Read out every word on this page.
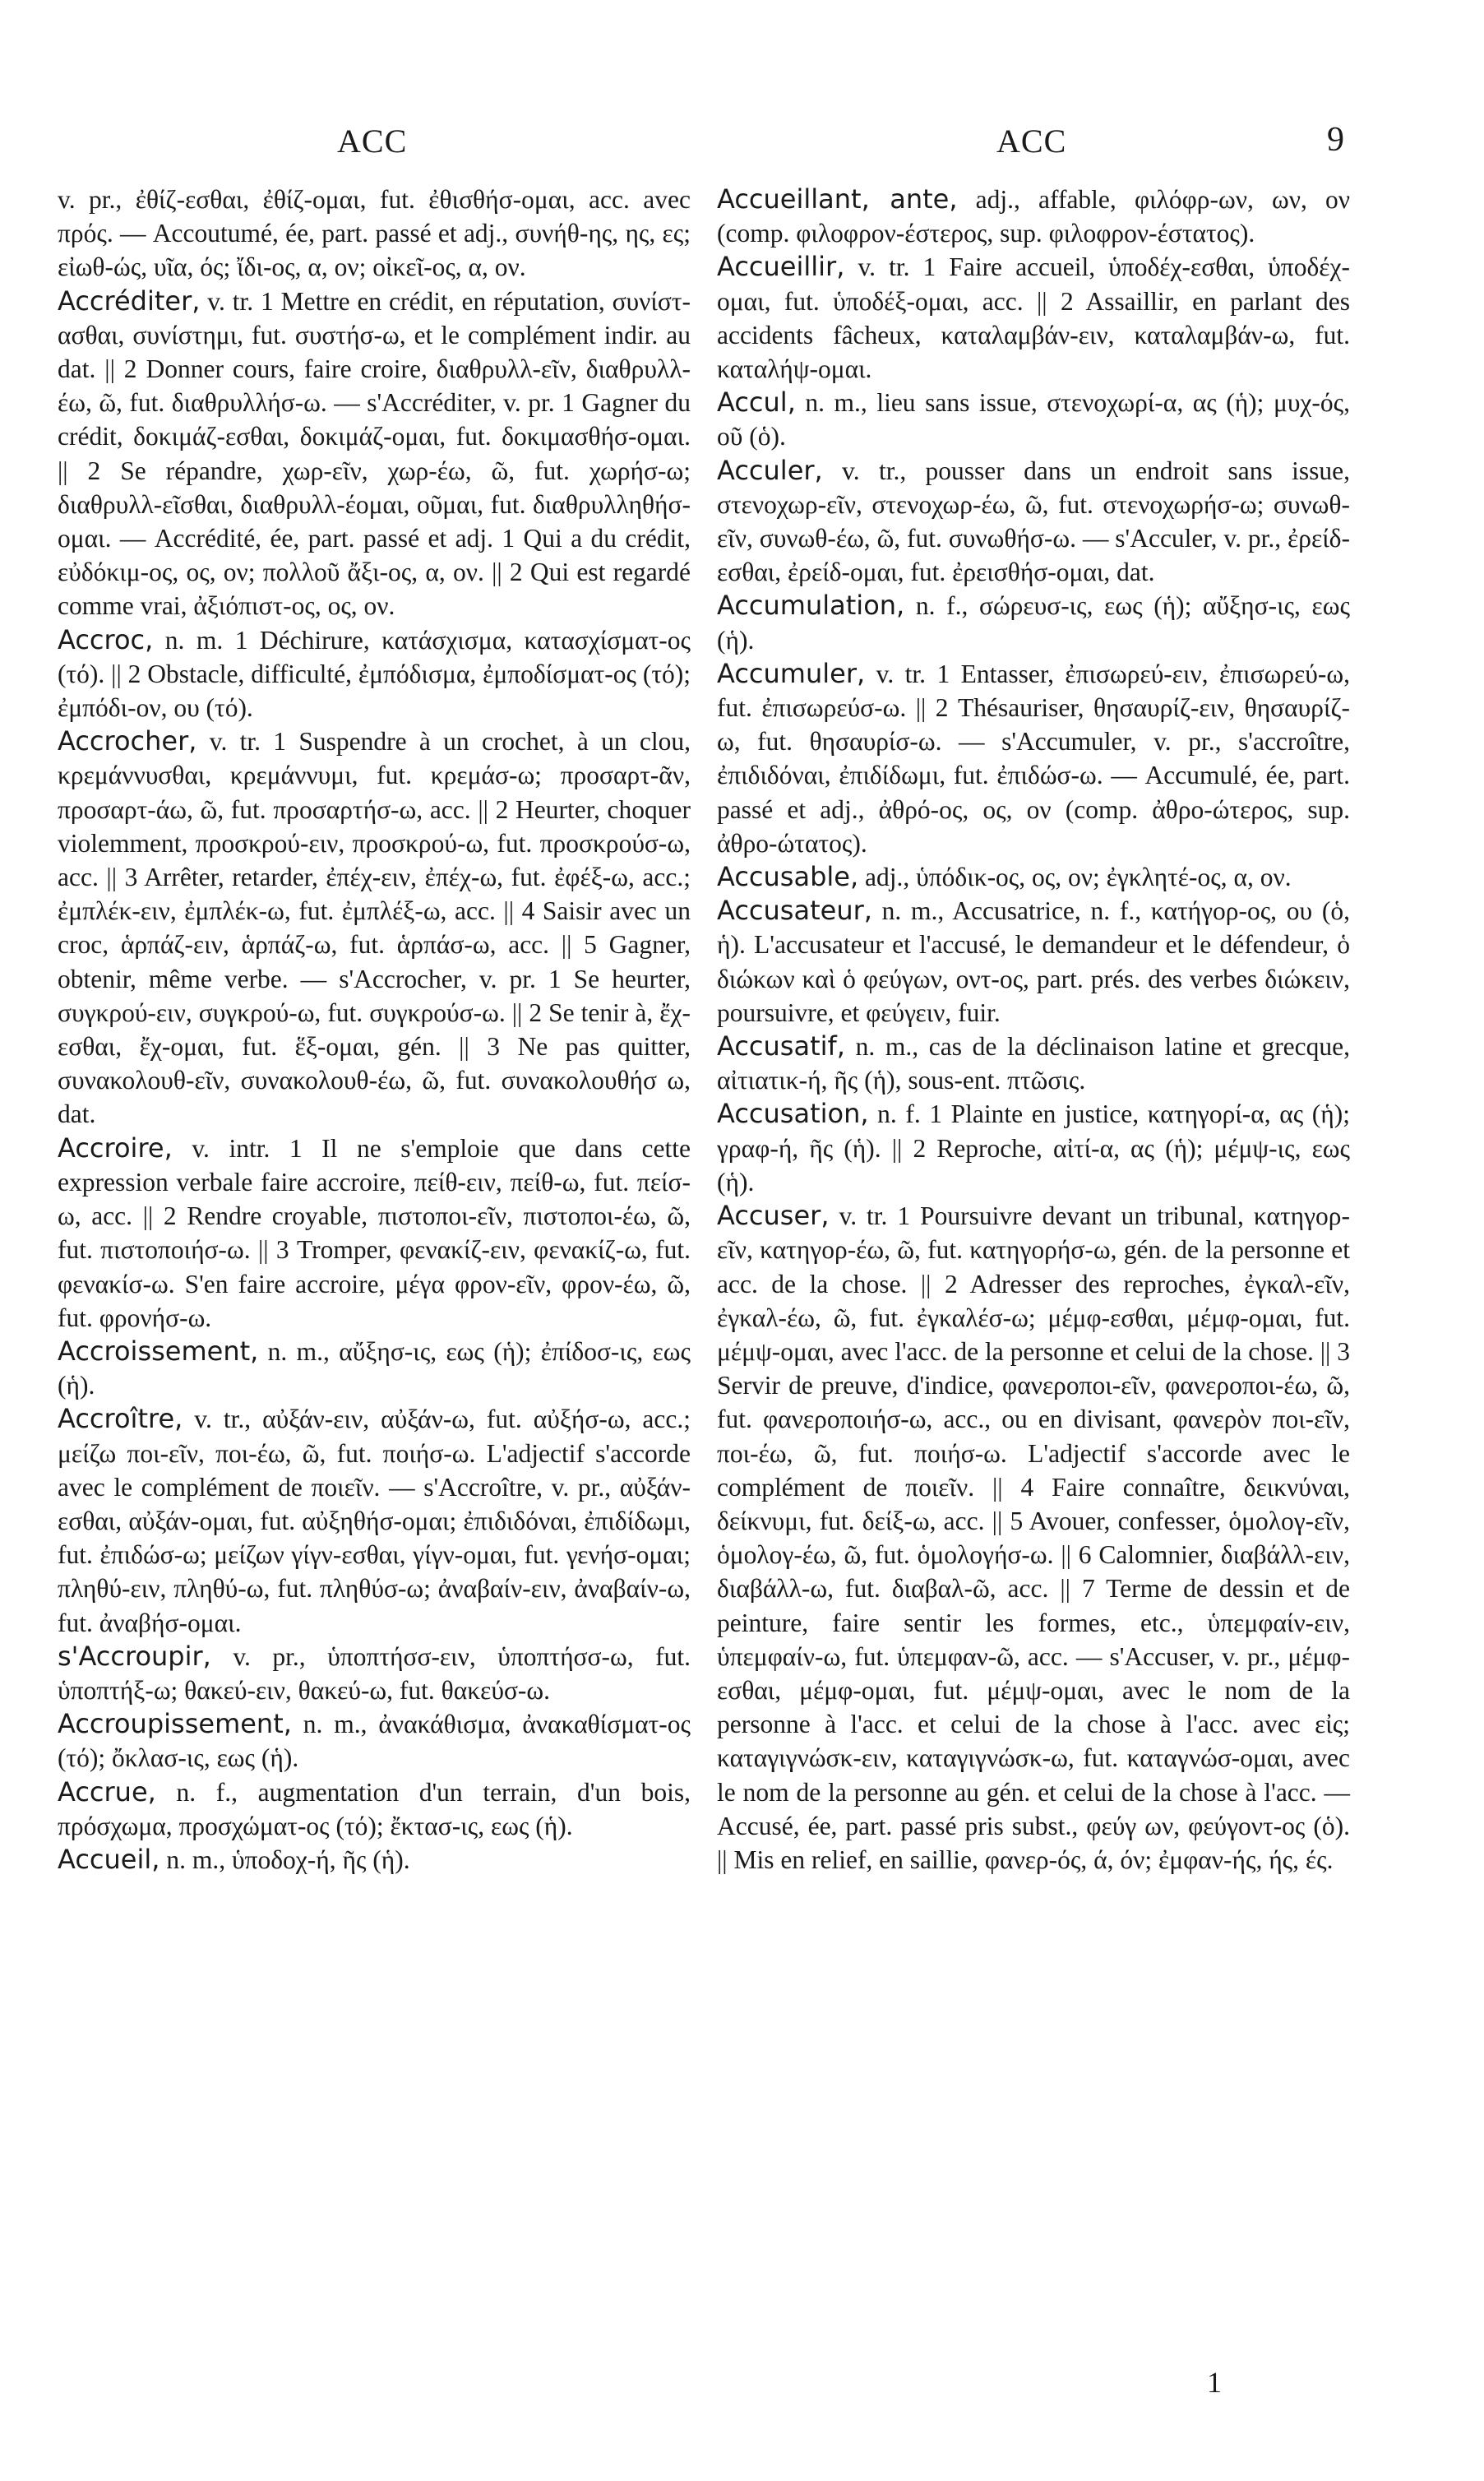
ACC	ACC	9

v. pr., ἐθίζ-εσθαι, ἐθίζ-ομαι, fut. ἐθισθήσ-ομαι, acc. avec πρός. — Accoutumé, ée, part. passé et adj., συνήθ-ης, ης, ες; εἰωθ-ώς, υῖα, ός; ἴδι-ος, α, ον; οἰκεῖ-ος, α, ον.

Accréditer, v. tr. 1 Mettre en crédit, en réputation, συνίστ-ασθαι, συνίστημι, fut. συστήσ-ω, et le complément indir. au dat. || 2 Donner cours, faire croire, διαθρυλλ-εῖν, διαθρυλλ-έω, ῶ, fut. διαθρυλλήσ-ω. — s'Accréditer, v. pr. 1 Gagner du crédit, δοκιμάζ-εσθαι, δοκιμάζ-ομαι, fut. δοκιμασθήσ-ομαι. || 2 Se répandre, χωρ-εῖν, χωρ-έω, ῶ, fut. χωρήσ-ω; διαθρυλλ-εῖσθαι, διαθρυλλ-έομαι, οῦμαι, fut. διαθρυλληθήσ-ομαι. — Accrédité, ée, part. passé et adj. 1 Qui a du crédit, εὐδόκιμ-ος, ος, ον; πολλοῦ ἄξι-ος, α, ον. || 2 Qui est regardé comme vrai, ἀξιόπιστ-ος, ος, ον.

Accroc, n. m. 1 Déchirure, κατάσχισμα, κατασχίσματ-ος (τό). || 2 Obstacle, difficulté, ἐμπόδισμα, ἐμποδίσματ-ος (τό); ἐμπόδι-ον, ου (τό).

Accrocher, v. tr. 1 Suspendre à un crochet, à un clou, κρεμάννυσθαι, κρεμάννυμι, fut. κρεμάσ-ω; προσαρτ-ᾶν, προσαρτ-άω, ῶ, fut. προσαρτήσ-ω, acc. || 2 Heurter, choquer violemment, προσκρού-ειν, προσκρού-ω, fut. προσκρούσ-ω, acc. || 3 Arrêter, retarder, ἐπέχ-ειν, ἐπέχ-ω, fut. ἐφέξ-ω, acc.; ἐμπλέκ-ειν, ἐμπλέκ-ω, fut. ἐμπλέξ-ω, acc. || 4 Saisir avec un croc, ἁρπάζ-ειν, ἁρπάζ-ω, fut. ἁρπάσ-ω, acc. || 5 Gagner, obtenir, même verbe. — s'Accrocher, v. pr. 1 Se heurter, συγκρού-ειν, συγκρού-ω, fut. συγκρούσ-ω. || 2 Se tenir à, ἔχ-εσθαι, ἔχ-ομαι, fut. ἕξ-ομαι, gén. || 3 Ne pas quitter, συνακολουθ-εῖν, συνακολουθ-έω, ῶ, fut. συνακολουθήσ ω, dat.

Accroire, v. intr. 1 Il ne s'emploie que dans cette expression verbale faire accroire, πείθ-ειν, πείθ-ω, fut. πείσ-ω, acc. || 2 Rendre croyable, πιστοποι-εῖν, πιστοποι-έω, ῶ, fut. πιστοποιήσ-ω. || 3 Tromper, φενακίζ-ειν, φενακίζ-ω, fut. φενακίσ-ω. S'en faire accroire, μέγα φρον-εῖν, φρον-έω, ῶ, fut. φρονήσ-ω.

Accroissement, n. m., αὔξησ-ις, εως (ἡ); ἐπίδοσ-ις, εως (ἡ).

Accroître, v. tr., αὐξάν-ειν, αὐξάν-ω, fut. αὐξήσ-ω, acc.; μείζω ποι-εῖν, ποι-έω, ῶ, fut. ποιήσ-ω. L'adjectif s'accorde avec le complément de ποιεῖν. — s'Accroître, v. pr., αὐξάν-εσθαι, αὐξάν-ομαι, fut. αὐξηθήσ-ομαι; ἐπιδιδόναι, ἐπιδίδωμι, fut. ἐπιδώσ-ω; μείζων γίγν-εσθαι, γίγν-ομαι, fut. γενήσ-ομαι; πληθύ-ειν, πληθύ-ω, fut. πληθύσ-ω; ἀναβαίν-ειν, ἀναβαίν-ω, fut. ἀναβήσ-ομαι.

s'Accroupir, v. pr., ὑποπτήσσ-ειν, ὑποπτήσσ-ω, fut. ὑποπτήξ-ω; θακεύ-ειν, θακεύ-ω, fut. θακεύσ-ω.

Accroupissement, n. m., ἀνακάθισμα, ἀνακαθίσματ-ος (τό); ὄκλασ-ις, εως (ἡ).

Accrue, n. f., augmentation d'un terrain, d'un bois, πρόσχωμα, προσχώματ-ος (τό); ἔκτασ-ις, εως (ἡ).

Accueil, n. m., ὑποδοχ-ή, ῆς (ἡ).

Accueillant, ante, adj., affable, φιλόφρ-ων, ων, ον (comp. φιλοφρον-έστερος, sup. φιλοφρον-έστατος).

Accueillir, v. tr. 1 Faire accueil, ὑποδέχ-εσθαι, ὑποδέχ-ομαι, fut. ὑποδέξ-ομαι, acc. || 2 Assaillir, en parlant des accidents fâcheux, καταλαμβάν-ειν, καταλαμβάν-ω, fut. καταλήψ-ομαι.

Accul, n. m., lieu sans issue, στενοχωρί-α, ας (ἡ); μυχ-ός, οῦ (ὁ).

Acculer, v. tr., pousser dans un endroit sans issue, στενοχωρ-εῖν, στενοχωρ-έω, ῶ, fut. στενοχωρήσ-ω; συνωθ-εῖν, συνωθ-έω, ῶ, fut. συνωθήσ-ω. — s'Acculer, v. pr., ἐρείδ-εσθαι, ἐρείδ-ομαι, fut. ἐρεισθήσ-ομαι, dat.

Accumulation, n. f., σώρευσ-ις, εως (ἡ); αὔξησ-ις, εως (ἡ).

Accumuler, v. tr. 1 Entasser, ἐπισωρεύ-ειν, ἐπισωρεύ-ω, fut. ἐπισωρεύσ-ω. || 2 Thésauriser, θησαυρίζ-ειν, θησαυρίζ-ω, fut. θησαυρίσ-ω. — s'Accumuler, v. pr., s'accroître, ἐπιδιδόναι, ἐπιδίδωμι, fut. ἐπιδώσ-ω. — Accumulé, ée, part. passé et adj., ἀθρό-ος, ος, ον (comp. ἀθρο-ώτερος, sup. ἀθρο-ώτατος).

Accusable, adj., ὑπόδικ-ος, ος, ον; ἐγκλητέ-ος, α, ον.

Accusateur, n. m., Accusatrice, n. f., κατήγορ-ος, ου (ὁ, ἡ). L'accusateur et l'accusé, le demandeur et le défendeur, ὁ διώκων καὶ ὁ φεύγων, οντ-ος, part. prés. des verbes διώκειν, poursuivre, et φεύγειν, fuir.

Accusatif, n. m., cas de la déclinaison latine et grecque, αἰτιατικ-ή, ῆς (ἡ), sous-ent. πτῶσις.

Accusation, n. f. 1 Plainte en justice, κατηγορί-α, ας (ἡ); γραφ-ή, ῆς (ἡ). || 2 Reproche, αἰτί-α, ας (ἡ); μέμψ-ις, εως (ἡ).

Accuser, v. tr. 1 Poursuivre devant un tribunal, κατηγορ-εῖν, κατηγορ-έω, ῶ, fut. κατηγορήσ-ω, gén. de la personne et acc. de la chose. || 2 Adresser des reproches, ἐγκαλ-εῖν, ἐγκαλ-έω, ῶ, fut. ἐγκαλέσ-ω; μέμφ-εσθαι, μέμφ-ομαι, fut. μέμψ-ομαι, avec l'acc. de la personne et celui de la chose. || 3 Servir de preuve, d'indice, φανεροποι-εῖν, φανεροποι-έω, ῶ, fut. φανεροποιήσ-ω, acc., ou en divisant, φανερὸν ποι-εῖν, ποι-έω, ῶ, fut. ποιήσ-ω. L'adjectif s'accorde avec le complément de ποιεῖν. || 4 Faire connaître, δεικνύναι, δείκνυμι, fut. δείξ-ω, acc. || 5 Avouer, confesser, ὁμολογ-εῖν, ὁμολογ-έω, ῶ, fut. ὁμολογήσ-ω. || 6 Calomnier, διαβάλλ-ειν, διαβάλλ-ω, fut. διαβαλ-ῶ, acc. || 7 Terme de dessin et de peinture, faire sentir les formes, etc., ὑπεμφαίν-ειν, ὑπεμφαίν-ω, fut. ὑπεμφαν-ῶ, acc. — s'Accuser, v. pr., μέμφ-εσθαι, μέμφ-ομαι, fut. μέμψ-ομαι, avec le nom de la personne à l'acc. et celui de la chose à l'acc. avec εἰς; καταγιγνώσκ-ειν, καταγιγνώσκ-ω, fut. καταγνώσ-ομαι, avec le nom de la personne au gén. et celui de la chose à l'acc. — Accusé, ée, part. passé pris subst., φεύγ ων, φεύγοντ-ος (ὁ). || Mis en relief, en saillie, φανερ-ός, ά, όν; ἐμφαν-ής, ής, ές.

1
